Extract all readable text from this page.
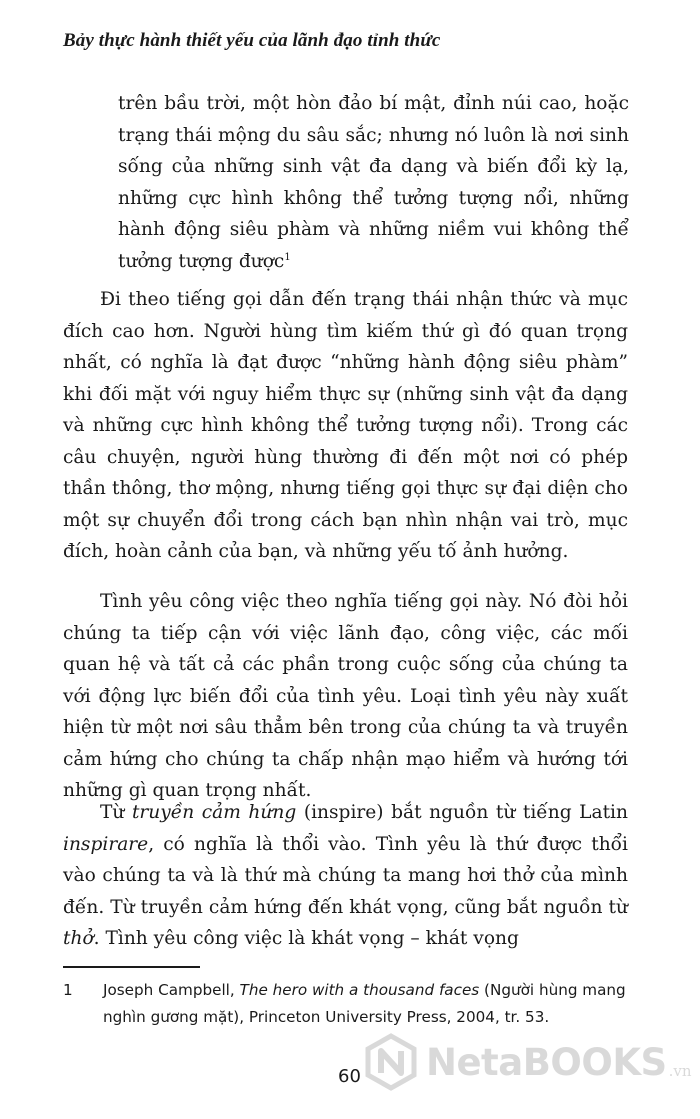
Bảy thực hành thiết yếu của lãnh đạo tỉnh thức

trên bầu trời, một hòn đảo bí mật, đỉnh núi cao, hoặc trạng thái mộng du sâu sắc; nhưng nó luôn là nơi sinh sống của những sinh vật đa dạng và biến đổi kỳ lạ, những cực hình không thể tưởng tượng nổi, những hành động siêu phàm và những niềm vui không thể tưởng tượng được$^1$

Đi theo tiếng gọi dẫn đến trạng thái nhận thức và mục đích cao hơn. Người hùng tìm kiếm thứ gì đó quan trọng nhất, có nghĩa là đạt được “những hành động siêu phàm” khi đối mặt với nguy hiểm thực sự (những sinh vật đa dạng và những cực hình không thể tưởng tượng nổi). Trong các câu chuyện, người hùng thường đi đến một nơi có phép thần thông, thơ mộng, nhưng tiếng gọi thực sự đại diện cho một sự chuyển đổi trong cách bạn nhìn nhận vai trò, mục đích, hoàn cảnh của bạn, và những yếu tố ảnh hưởng.

Tình yêu công việc theo nghĩa tiếng gọi này. Nó đòi hỏi chúng ta tiếp cận với việc lãnh đạo, công việc, các mối quan hệ và tất cả các phần trong cuộc sống của chúng ta với động lực biến đổi của tình yêu. Loại tình yêu này xuất hiện từ một nơi sâu thẳm bên trong của chúng ta và truyền cảm hứng cho chúng ta chấp nhận mạo hiểm và hướng tới những gì quan trọng nhất.

Từ truyền cảm hứng (inspire) bắt nguồn từ tiếng Latin inspirare, có nghĩa là thổi vào. Tình yêu là thứ được thổi vào chúng ta và là thứ mà chúng ta mang hơi thở của mình đến. Từ truyền cảm hứng đến khát vọng, cũng bắt nguồn từ thở. Tình yêu công việc là khát vọng – khát vọng

1 Joseph Campbell, The hero with a thousand faces (Người hùng mang nghìn gương mặt), Princeton University Press, 2004, tr. 53.
NetaBOOKS .vn
60
